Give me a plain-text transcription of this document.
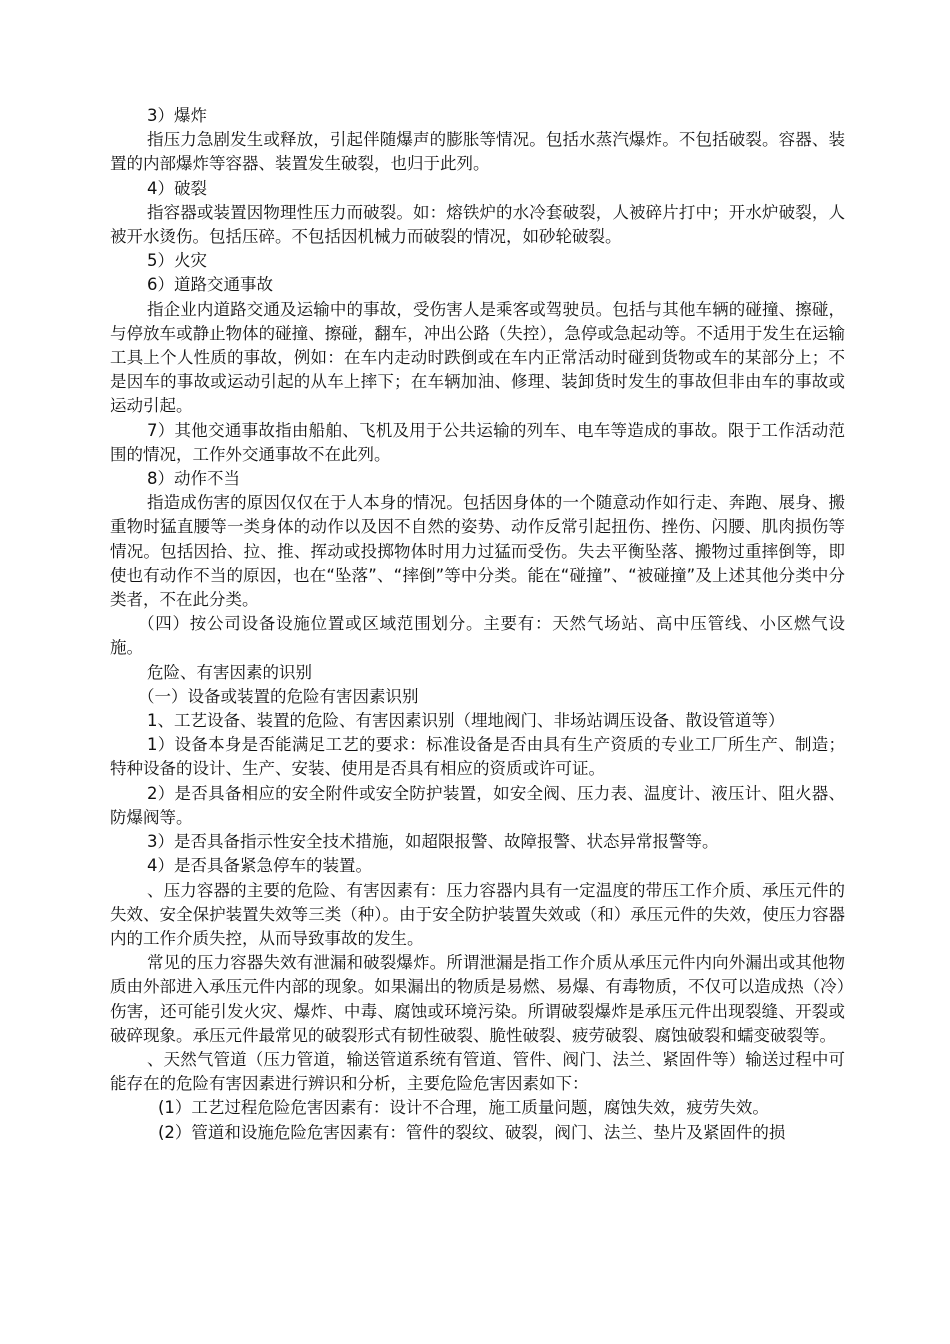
3）爆炸

指压力急剧发生或释放，引起伴随爆声的膨胀等情况。包括水蒸汽爆炸。不包括破裂。容器、装置的内部爆炸等容器、装置发生破裂，也归于此列。

4）破裂

指容器或装置因物理性压力而破裂。如：熔铁炉的水冷套破裂，人被碎片打中；开水炉破裂，人被开水烫伤。包括压碎。不包括因机械力而破裂的情况，如砂轮破裂。

5）火灾

6）道路交通事故

指企业内道路交通及运输中的事故，受伤害人是乘客或驾驶员。包括与其他车辆的碰撞、擦碰，与停放车或静止物体的碰撞、擦碰，翻车，冲出公路（失控），急停或急起动等。不适用于发生在运输工具上个人性质的事故，例如：在车内走动时跌倒或在车内正常活动时碰到货物或车的某部分上；不是因车的事故或运动引起的从车上摔下；在车辆加油、修理、装卸货时发生的事故但非由车的事故或运动引起。

7）其他交通事故指由船舶、飞机及用于公共运输的列车、电车等造成的事故。限于工作活动范围的情况，工作外交通事故不在此列。

8）动作不当

指造成伤害的原因仅仅在于人本身的情况。包括因身体的一个随意动作如行走、奔跑、展身、搬重物时猛直腰等一类身体的动作以及因不自然的姿势、动作反常引起扭伤、挫伤、闪腰、肌肉损伤等情况。包括因拾、拉、推、挥动或投掷物体时用力过猛而受伤。失去平衡坠落、搬物过重摔倒等，即使也有动作不当的原因，也在“坠落”、“摔倒”等中分类。能在“碰撞”、“被碰撞”及上述其他分类中分类者，不在此分类。

（四）按公司设备设施位置或区域范围划分。主要有：天然气场站、高中压管线、小区燃气设施。

危险、有害因素的识别

（一）设备或装置的危险有害因素识别

1、工艺设备、装置的危险、有害因素识别（埋地阀门、非场站调压设备、散设管道等）

1）设备本身是否能满足工艺的要求：标准设备是否由具有生产资质的专业工厂所生产、制造；特种设备的设计、生产、安装、使用是否具有相应的资质或许可证。

2）是否具备相应的安全附件或安全防护装置，如安全阀、压力表、温度计、液压计、阻火器、防爆阀等。

3）是否具备指示性安全技术措施，如超限报警、故障报警、状态异常报警等。

4）是否具备紧急停车的装置。

、压力容器的主要的危险、有害因素有：压力容器内具有一定温度的带压工作介质、承压元件的失效、安全保护装置失效等三类（种）。由于安全防护装置失效或（和）承压元件的失效，使压力容器内的工作介质失控，从而导致事故的发生。

常见的压力容器失效有泄漏和破裂爆炸。所谓泄漏是指工作介质从承压元件内向外漏出或其他物质由外部进入承压元件内部的现象。如果漏出的物质是易燃、易爆、有毒物质，不仅可以造成热（冷）伤害，还可能引发火灾、爆炸、中毒、腐蚀或环境污染。所谓破裂爆炸是承压元件出现裂缝、开裂或破碎现象。承压元件最常见的破裂形式有韧性破裂、脆性破裂、疲劳破裂、腐蚀破裂和蠕变破裂等。

、天然气管道（压力管道，输送管道系统有管道、管件、阀门、法兰、紧固件等）输送过程中可能存在的危险有害因素进行辨识和分析，主要危险危害因素如下：

(1）工艺过程危险危害因素有：设计不合理，施工质量问题，腐蚀失效，疲劳失效。

(2）管道和设施危险危害因素有：管件的裂纹、破裂，阀门、法兰、垫片及紧固件的损
